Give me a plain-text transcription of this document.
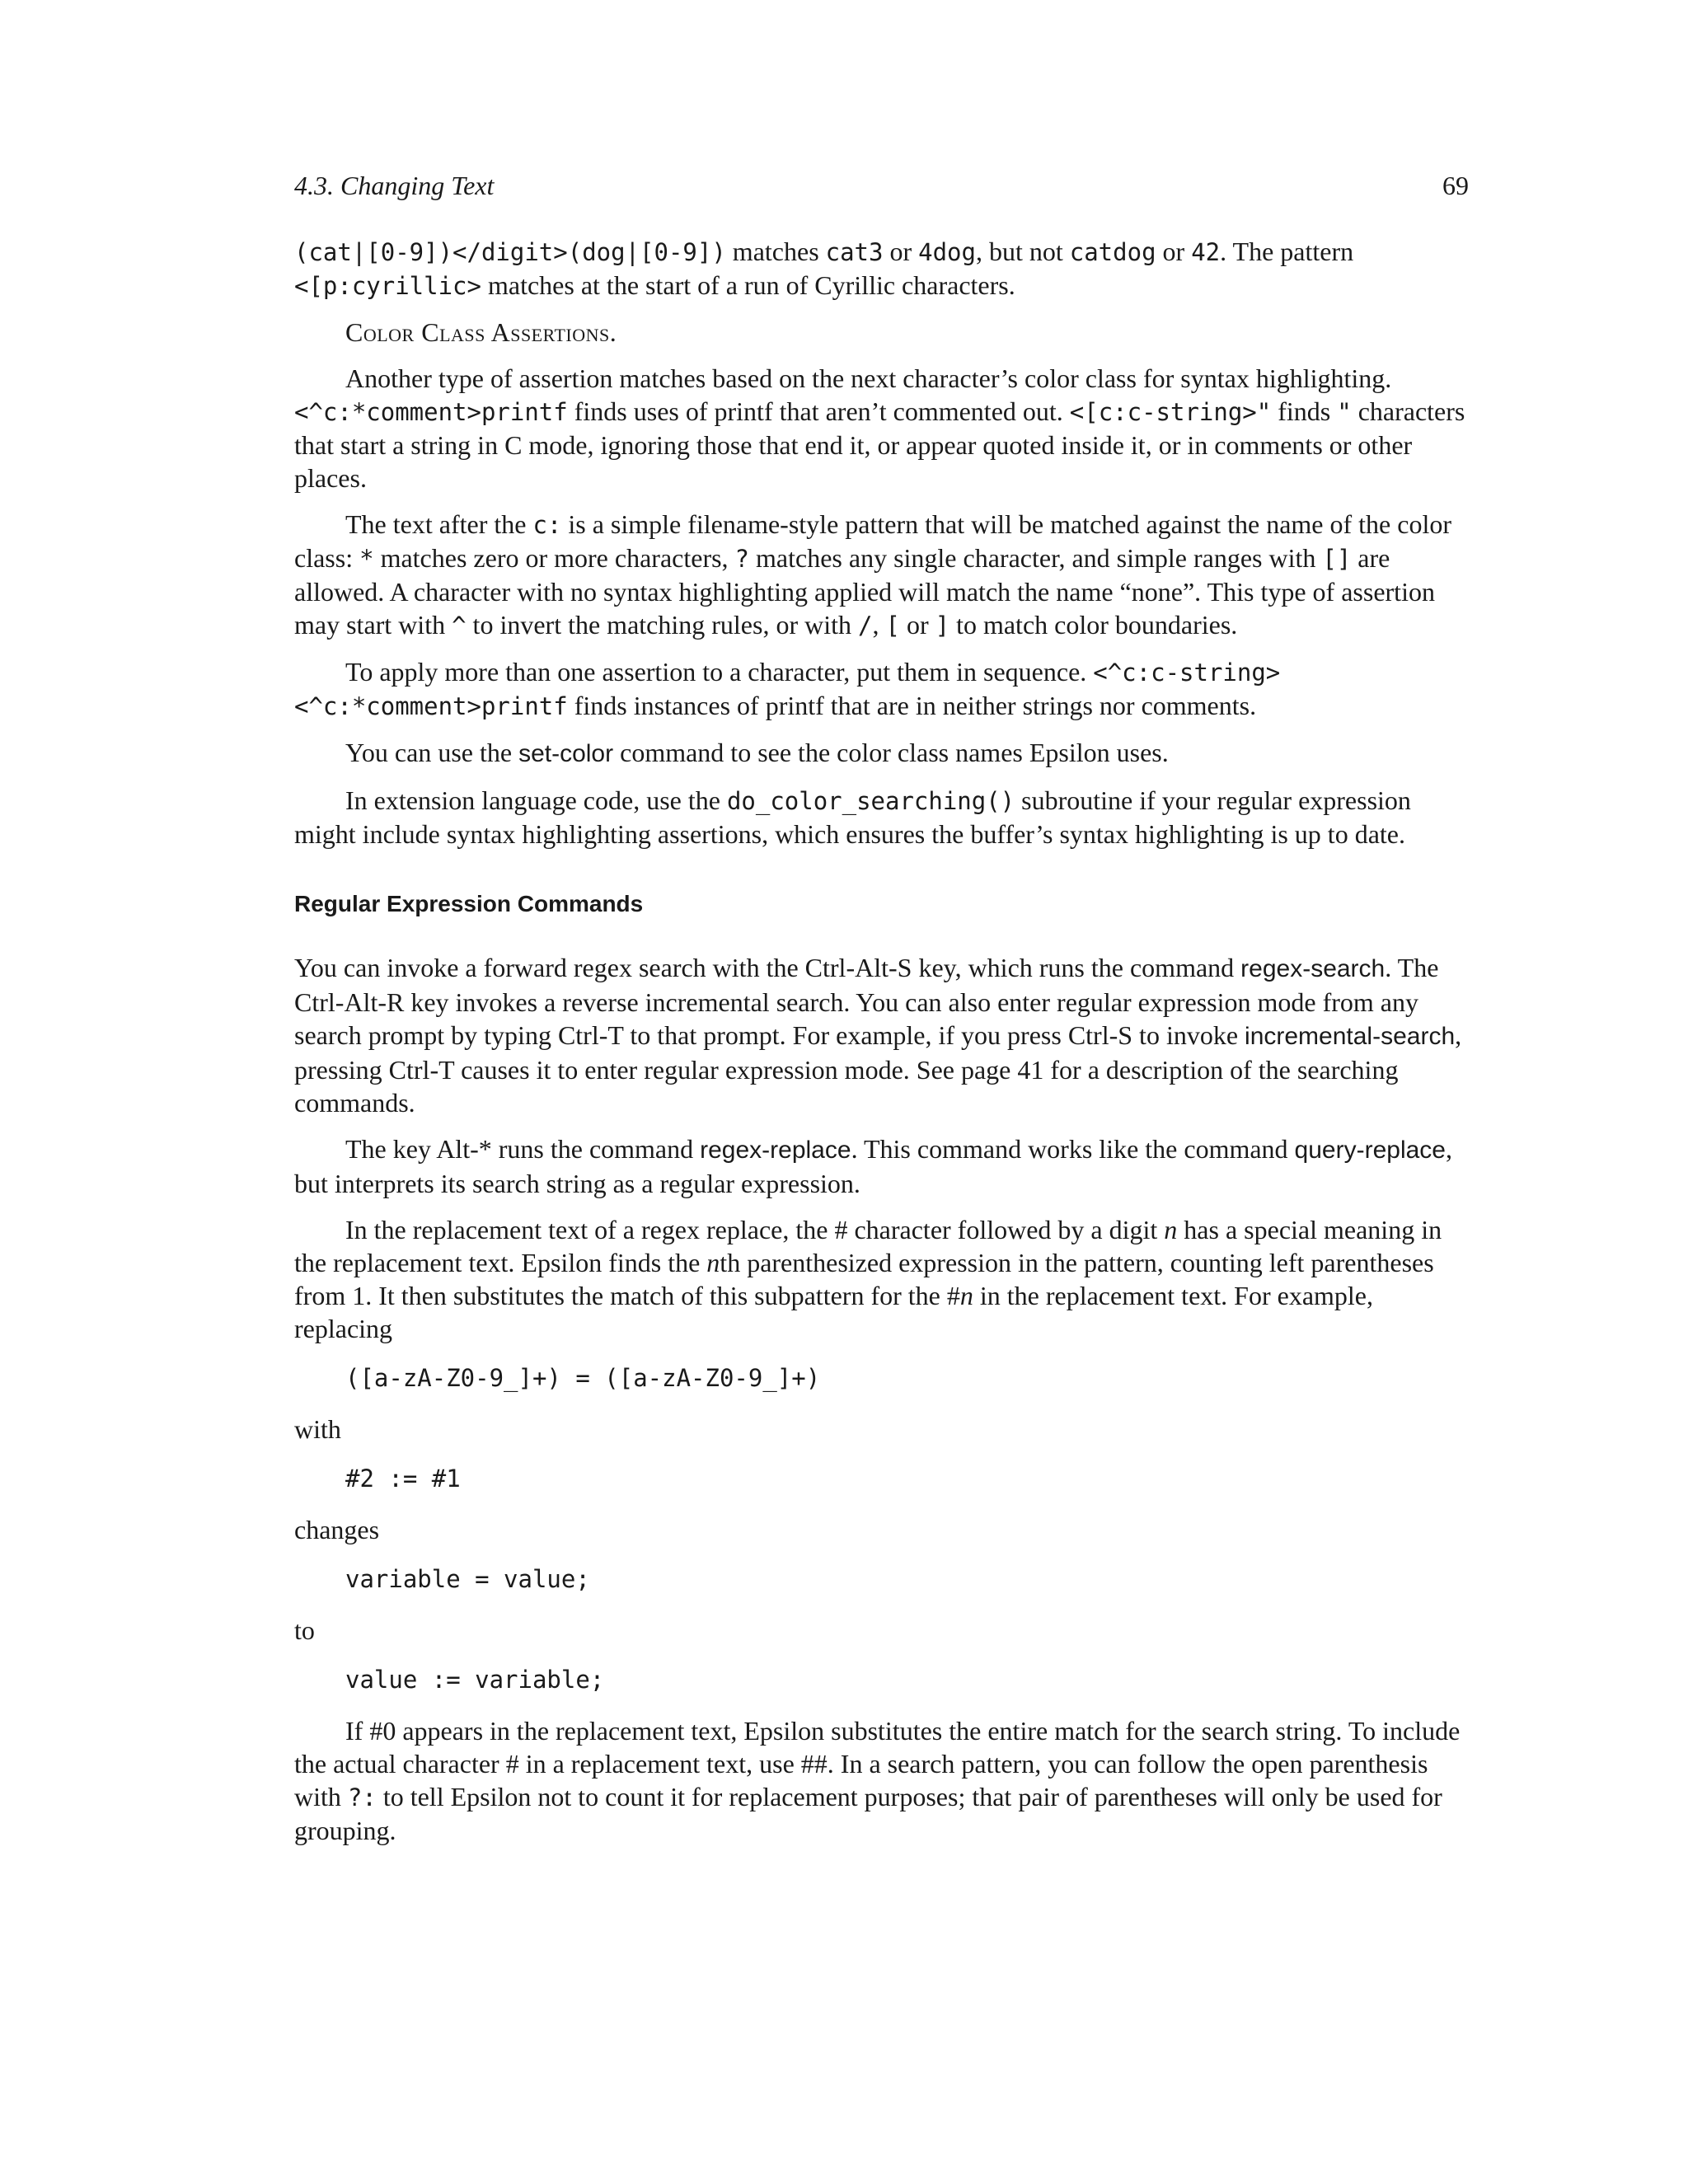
4.3. Changing Text	69

(cat|[0-9])</digit>(dog|[0-9]) matches cat3 or 4dog, but not catdog or 42. The pattern <[p:cyrillic> matches at the start of a run of Cyrillic characters.

Color Class Assertions.

Another type of assertion matches based on the next character’s color class for syntax highlighting. <^c:*comment>printf finds uses of printf that aren’t commented out. <[c:c-string>" finds " characters that start a string in C mode, ignoring those that end it, or appear quoted inside it, or in comments or other places.

The text after the c: is a simple filename-style pattern that will be matched against the name of the color class: * matches zero or more characters, ? matches any single character, and simple ranges with [] are allowed. A character with no syntax highlighting applied will match the name “none”. This type of assertion may start with ^ to invert the matching rules, or with /, [ or ] to match color boundaries.

To apply more than one assertion to a character, put them in sequence. <^c:c-string><^c:*comment>printf finds instances of printf that are in neither strings nor comments.

You can use the set-color command to see the color class names Epsilon uses.

In extension language code, use the do_color_searching() subroutine if your regular expression might include syntax highlighting assertions, which ensures the buffer’s syntax highlighting is up to date.

Regular Expression Commands

You can invoke a forward regex search with the Ctrl-Alt-S key, which runs the command regex-search. The Ctrl-Alt-R key invokes a reverse incremental search. You can also enter regular expression mode from any search prompt by typing Ctrl-T to that prompt. For example, if you press Ctrl-S to invoke incremental-search, pressing Ctrl-T causes it to enter regular expression mode. See page 41 for a description of the searching commands.

The key Alt-* runs the command regex-replace. This command works like the command query-replace, but interprets its search string as a regular expression.

In the replacement text of a regex replace, the # character followed by a digit n has a special meaning in the replacement text. Epsilon finds the nth parenthesized expression in the pattern, counting left parentheses from 1. It then substitutes the match of this subpattern for the #n in the replacement text. For example, replacing

([a-zA-Z0-9_]+) = ([a-zA-Z0-9_]+)

with

#2 := #1

changes

variable = value;

to

value := variable;

If #0 appears in the replacement text, Epsilon substitutes the entire match for the search string. To include the actual character # in a replacement text, use ##. In a search pattern, you can follow the open parenthesis with ?: to tell Epsilon not to count it for replacement purposes; that pair of parentheses will only be used for grouping.
